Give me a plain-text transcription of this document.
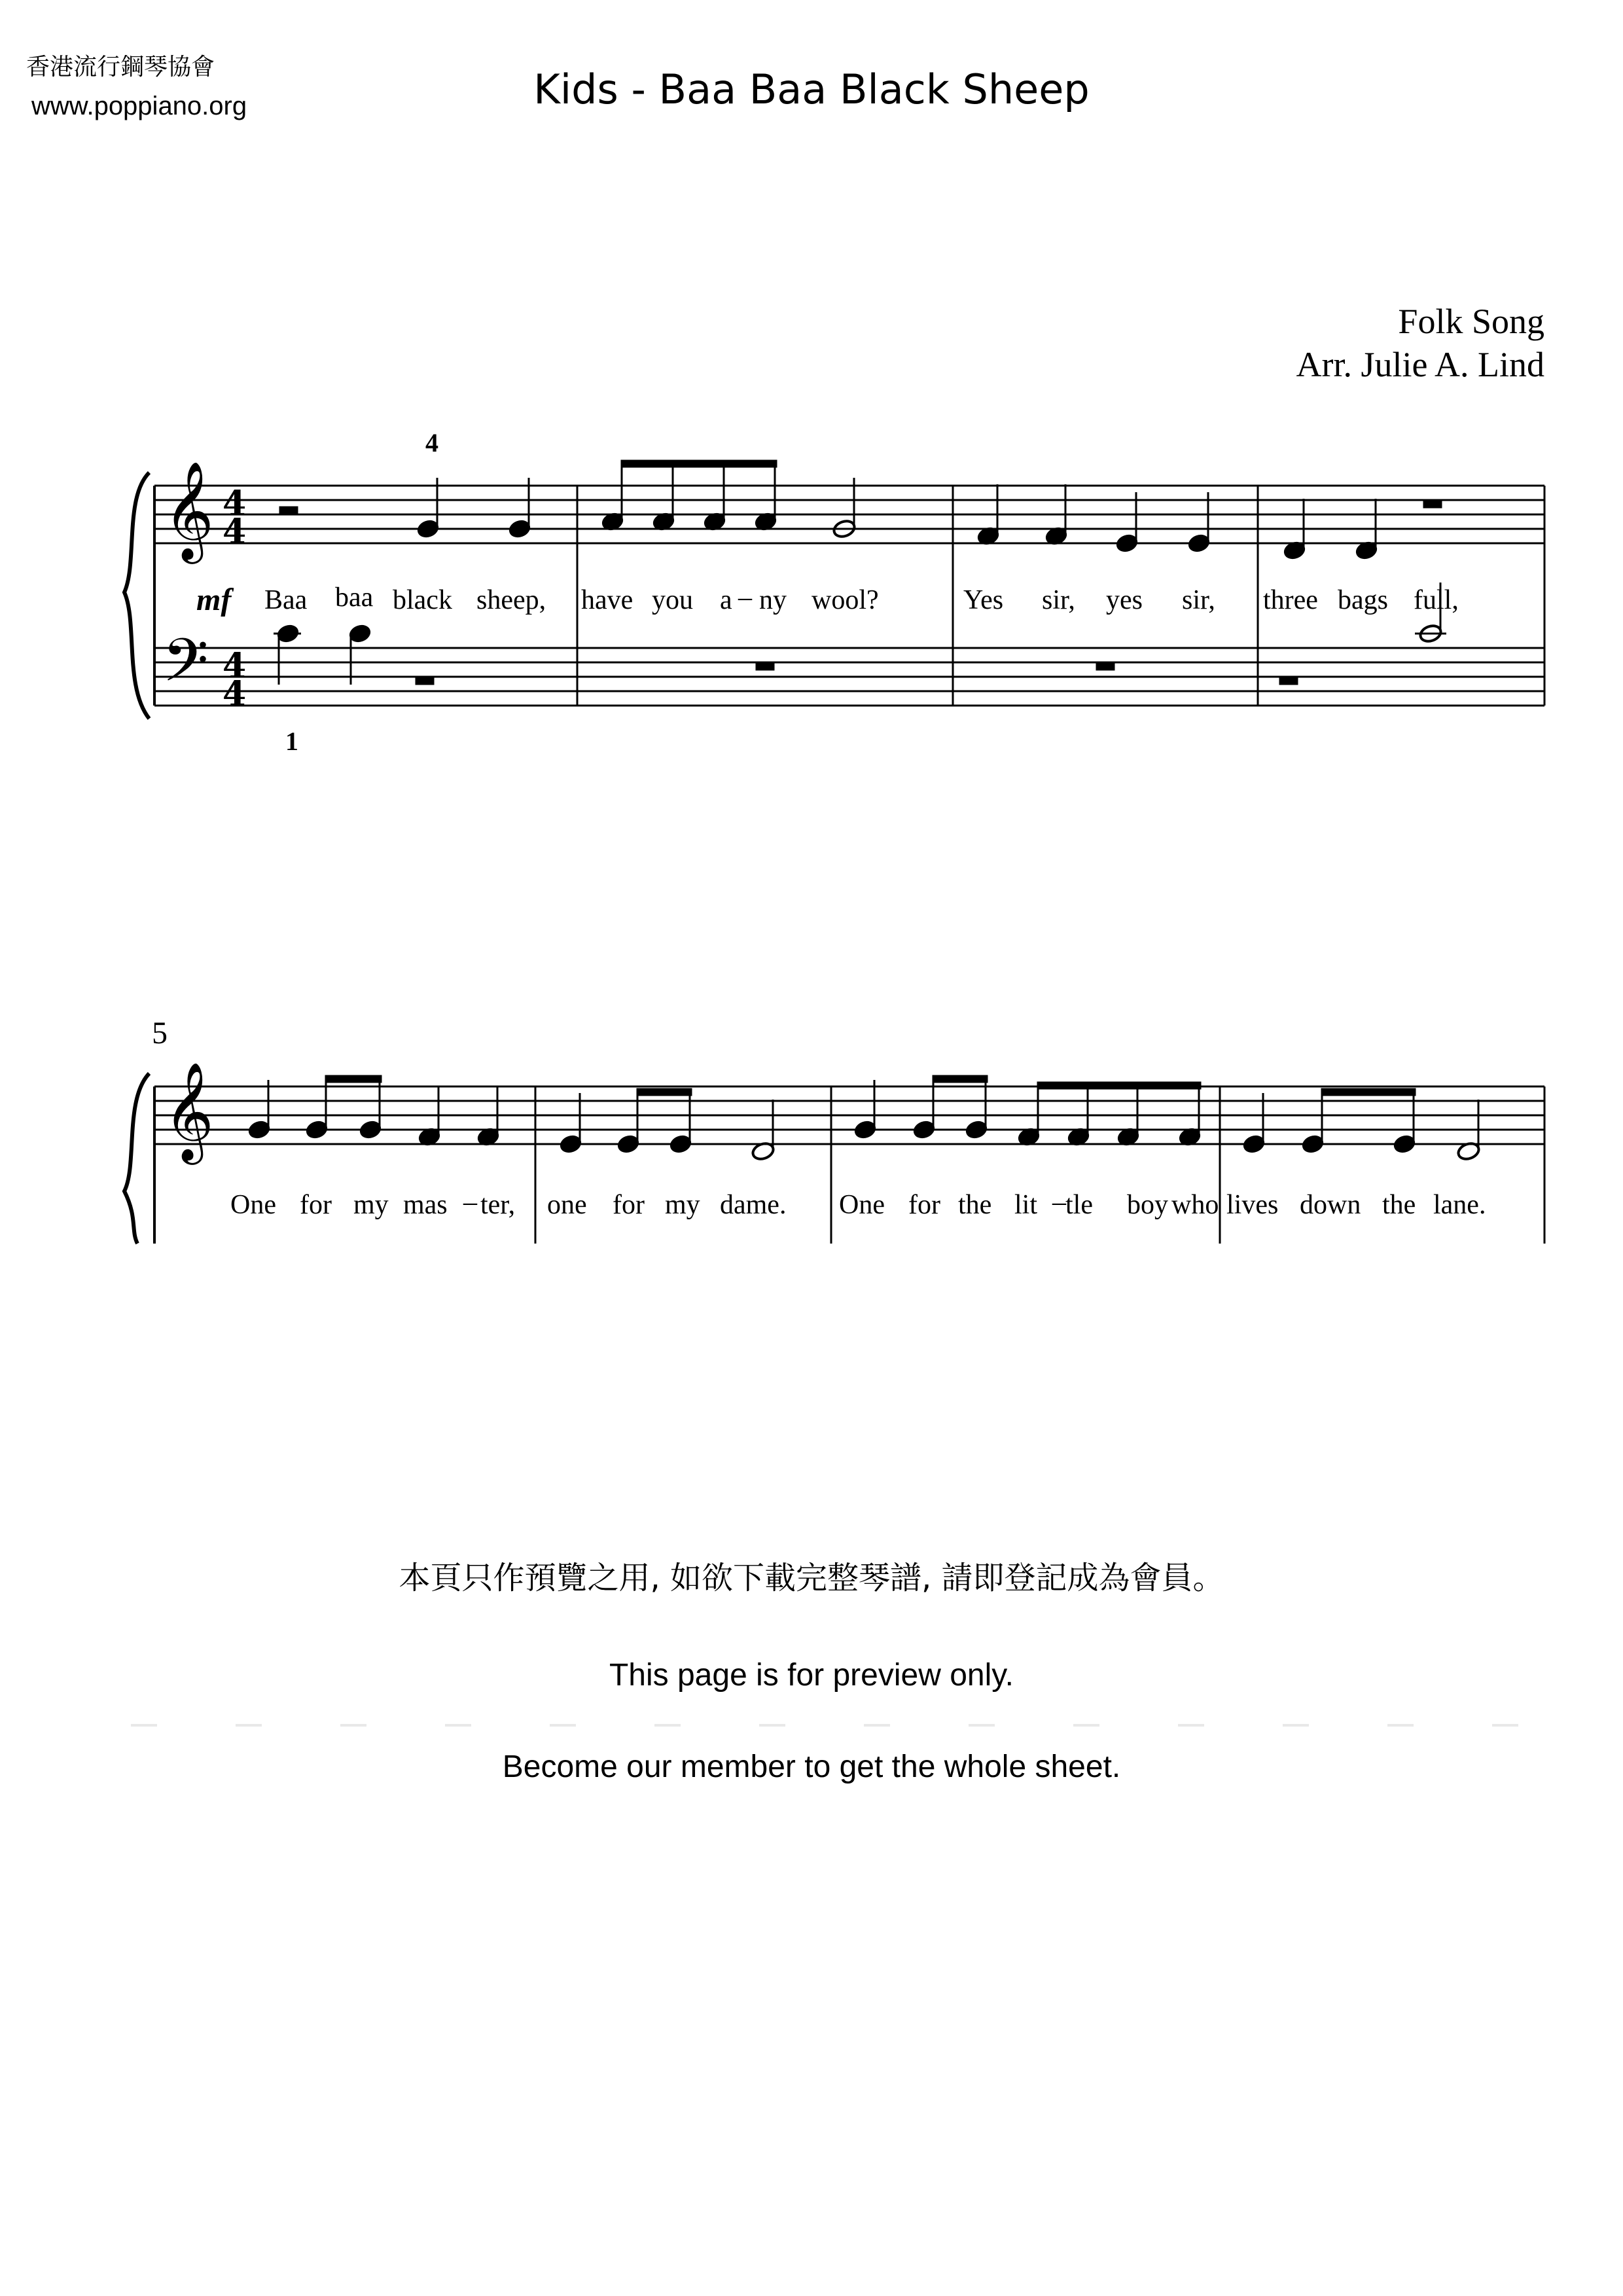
香港流行鋼琴協會
www.poppiano.org	Kids - Baa Baa Black Sheep
Folk Song
Arr. Julie A. Lind
𝄞
𝄢
𝄞
4
4
4
4
4
1
mf
5
Baa baa black sheep, have you a – ny wool?	Yes sir, yes sir, three bags full,
One for my mas – ter, one for my dame. One for the lit – tle boy who lives down the lane.
本頁只作預覽之用, 如欲下載完整琴譜, 請即登記成為會員。
This page is for preview only.
Become our member to get the whole sheet.
